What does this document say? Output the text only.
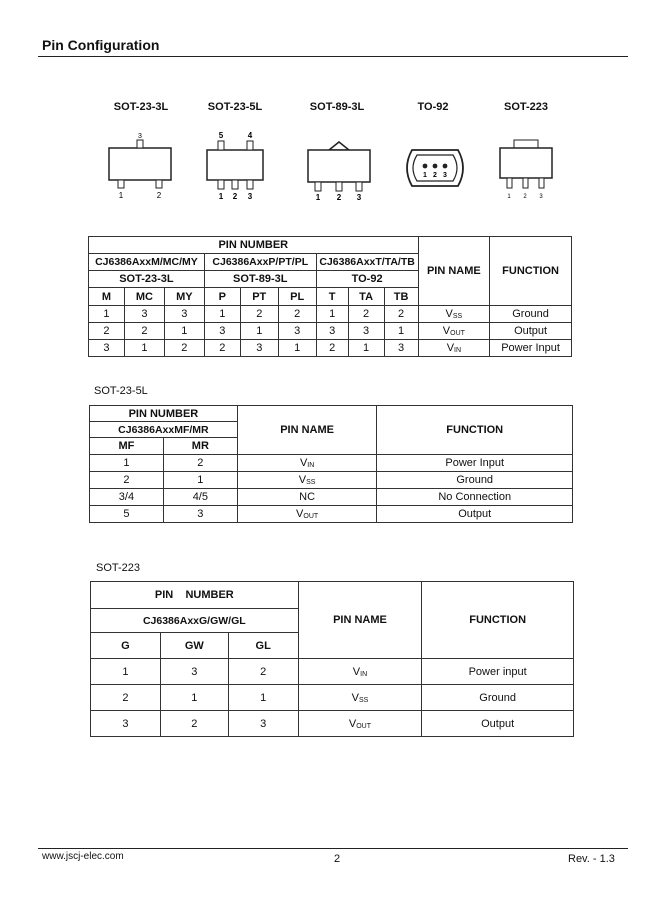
Pin Configuration
SOT-23-3L	SOT-23-5L	SOT-89-3L	TO-92	SOT-223
3
1	2
5	4
1 2 3	1 2 3
1 2 3
1 2 3
PIN NUMBER									PIN NAME	FUNCTION
CJ6386AxxM/MC/MY			CJ6386AxxP/PT/PL			CJ6386AxxT/TA/TB				
SOT-23-3L			SOT-89-3L			TO-92				
M	MC	MY	P	PT	PL	T	TA	TB		
1	3	3	1	2	2	1	2	2	$V_{SS}$	Ground
2	2	1	3	1	3	3	3	1	$V_{OUT}$	Output
3	1	2	2	3	1	2	1	3	$V_{IN}$	Power Input
SOT-23-5L
PIN NUMBER		PIN NAME	FUNCTION
CJ6386AxxMF/MR			
MF	MR		
1	2	$V_{IN}$	Power Input
2	1	$V_{SS}$	Ground
3/4	4/5	NC	No Connection
5	3	$V_{OUT}$	Output
SOT-223
PIN    NUMBER			PIN NAME	FUNCTION
CJ6386AxxG/GW/GL				
G	GW	GL		
1	3	2	$V_{IN}$	Power input
2	1	1	$V_{SS}$	Ground
3	2	3	$V_{OUT}$	Output
www.jscj-elec.com	2	Rev. - 1.3
